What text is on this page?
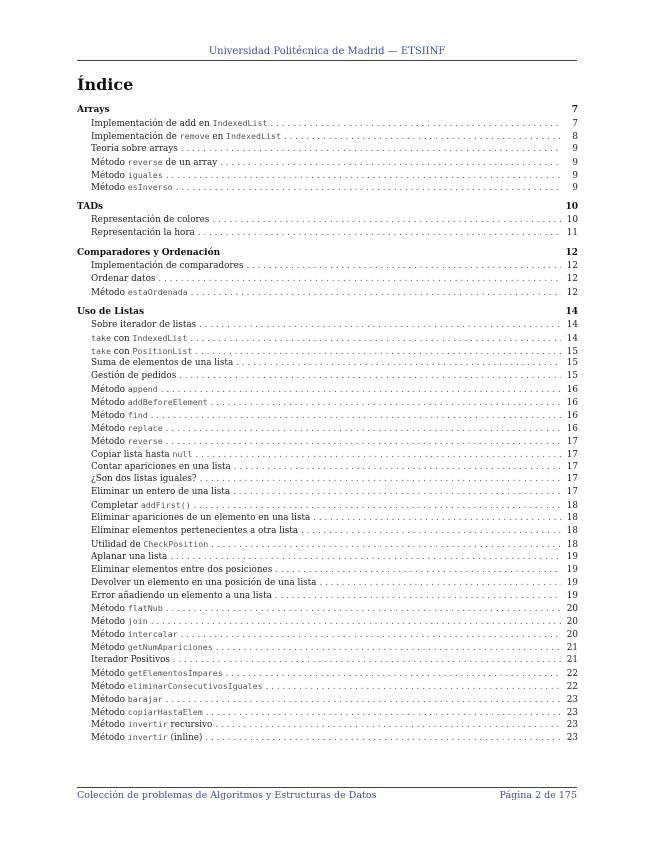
Universidad Politécnica de Madrid — ETSIINF
Índice
Arrays	7
Implementación de add en IndexedList . . .	7
Implementación de remove en IndexedList . . .	8
Teoría sobre arrays . . .	9
Método reverse de un array . . .	9
Método iguales . . .	9
Método esInverso . . .	9
TADs	10
Representación de colores . . .	10
Representación la hora . . .	11
Comparadores y Ordenación	12
Implementación de comparadores . . .	12
Ordenar datos . . .	12
Método estaOrdenada . . .	12
Uso de Listas	14
Sobre iterador de listas . . .	14
take con IndexedList . . .	14
take con PositionList . . .	15
Suma de elementos de una lista . . .	15
Gestión de pedidos . . .	15
Método append . . .	16
Método addBeforeElement . . .	16
Método find . . .	16
Método replace . . .	16
Método reverse . . .	17
Copiar lista hasta null . . .	17
Contar apariciones en una lista . . .	17
¿Son dos listas iguales? . . .	17
Eliminar un entero de una lista . . .	17
Completar addFirst() . . .	18
Eliminar apariciones de un elemento en una lista . . .	18
Eliminar elementos pertenecientes a otra lista . . .	18
Utilidad de CheckPosition . . .	18
Aplanar una lista . . .	19
Eliminar elementos entre dos posiciones . . .	19
Devolver un elemento en una posición de una lista . . .	19
Error añadiendo un elemento a una lista . . .	19
Método flatNub . . .	20
Método join . . .	20
Método intercalar . . .	20
Método getNumApariciones . . .	21
Iterador Positivos . . .	21
Método getElementosImpares . . .	22
Método eliminarConsecutivosIguales . . .	22
Método barajar . . .	23
Método copiarHastaElem . . .	23
Método invertir recursivo . . .	23
Método invertir (inline) . . .	23
Colección de problemas de Algoritmos y Estructuras de Datos	Página 2 de 175
